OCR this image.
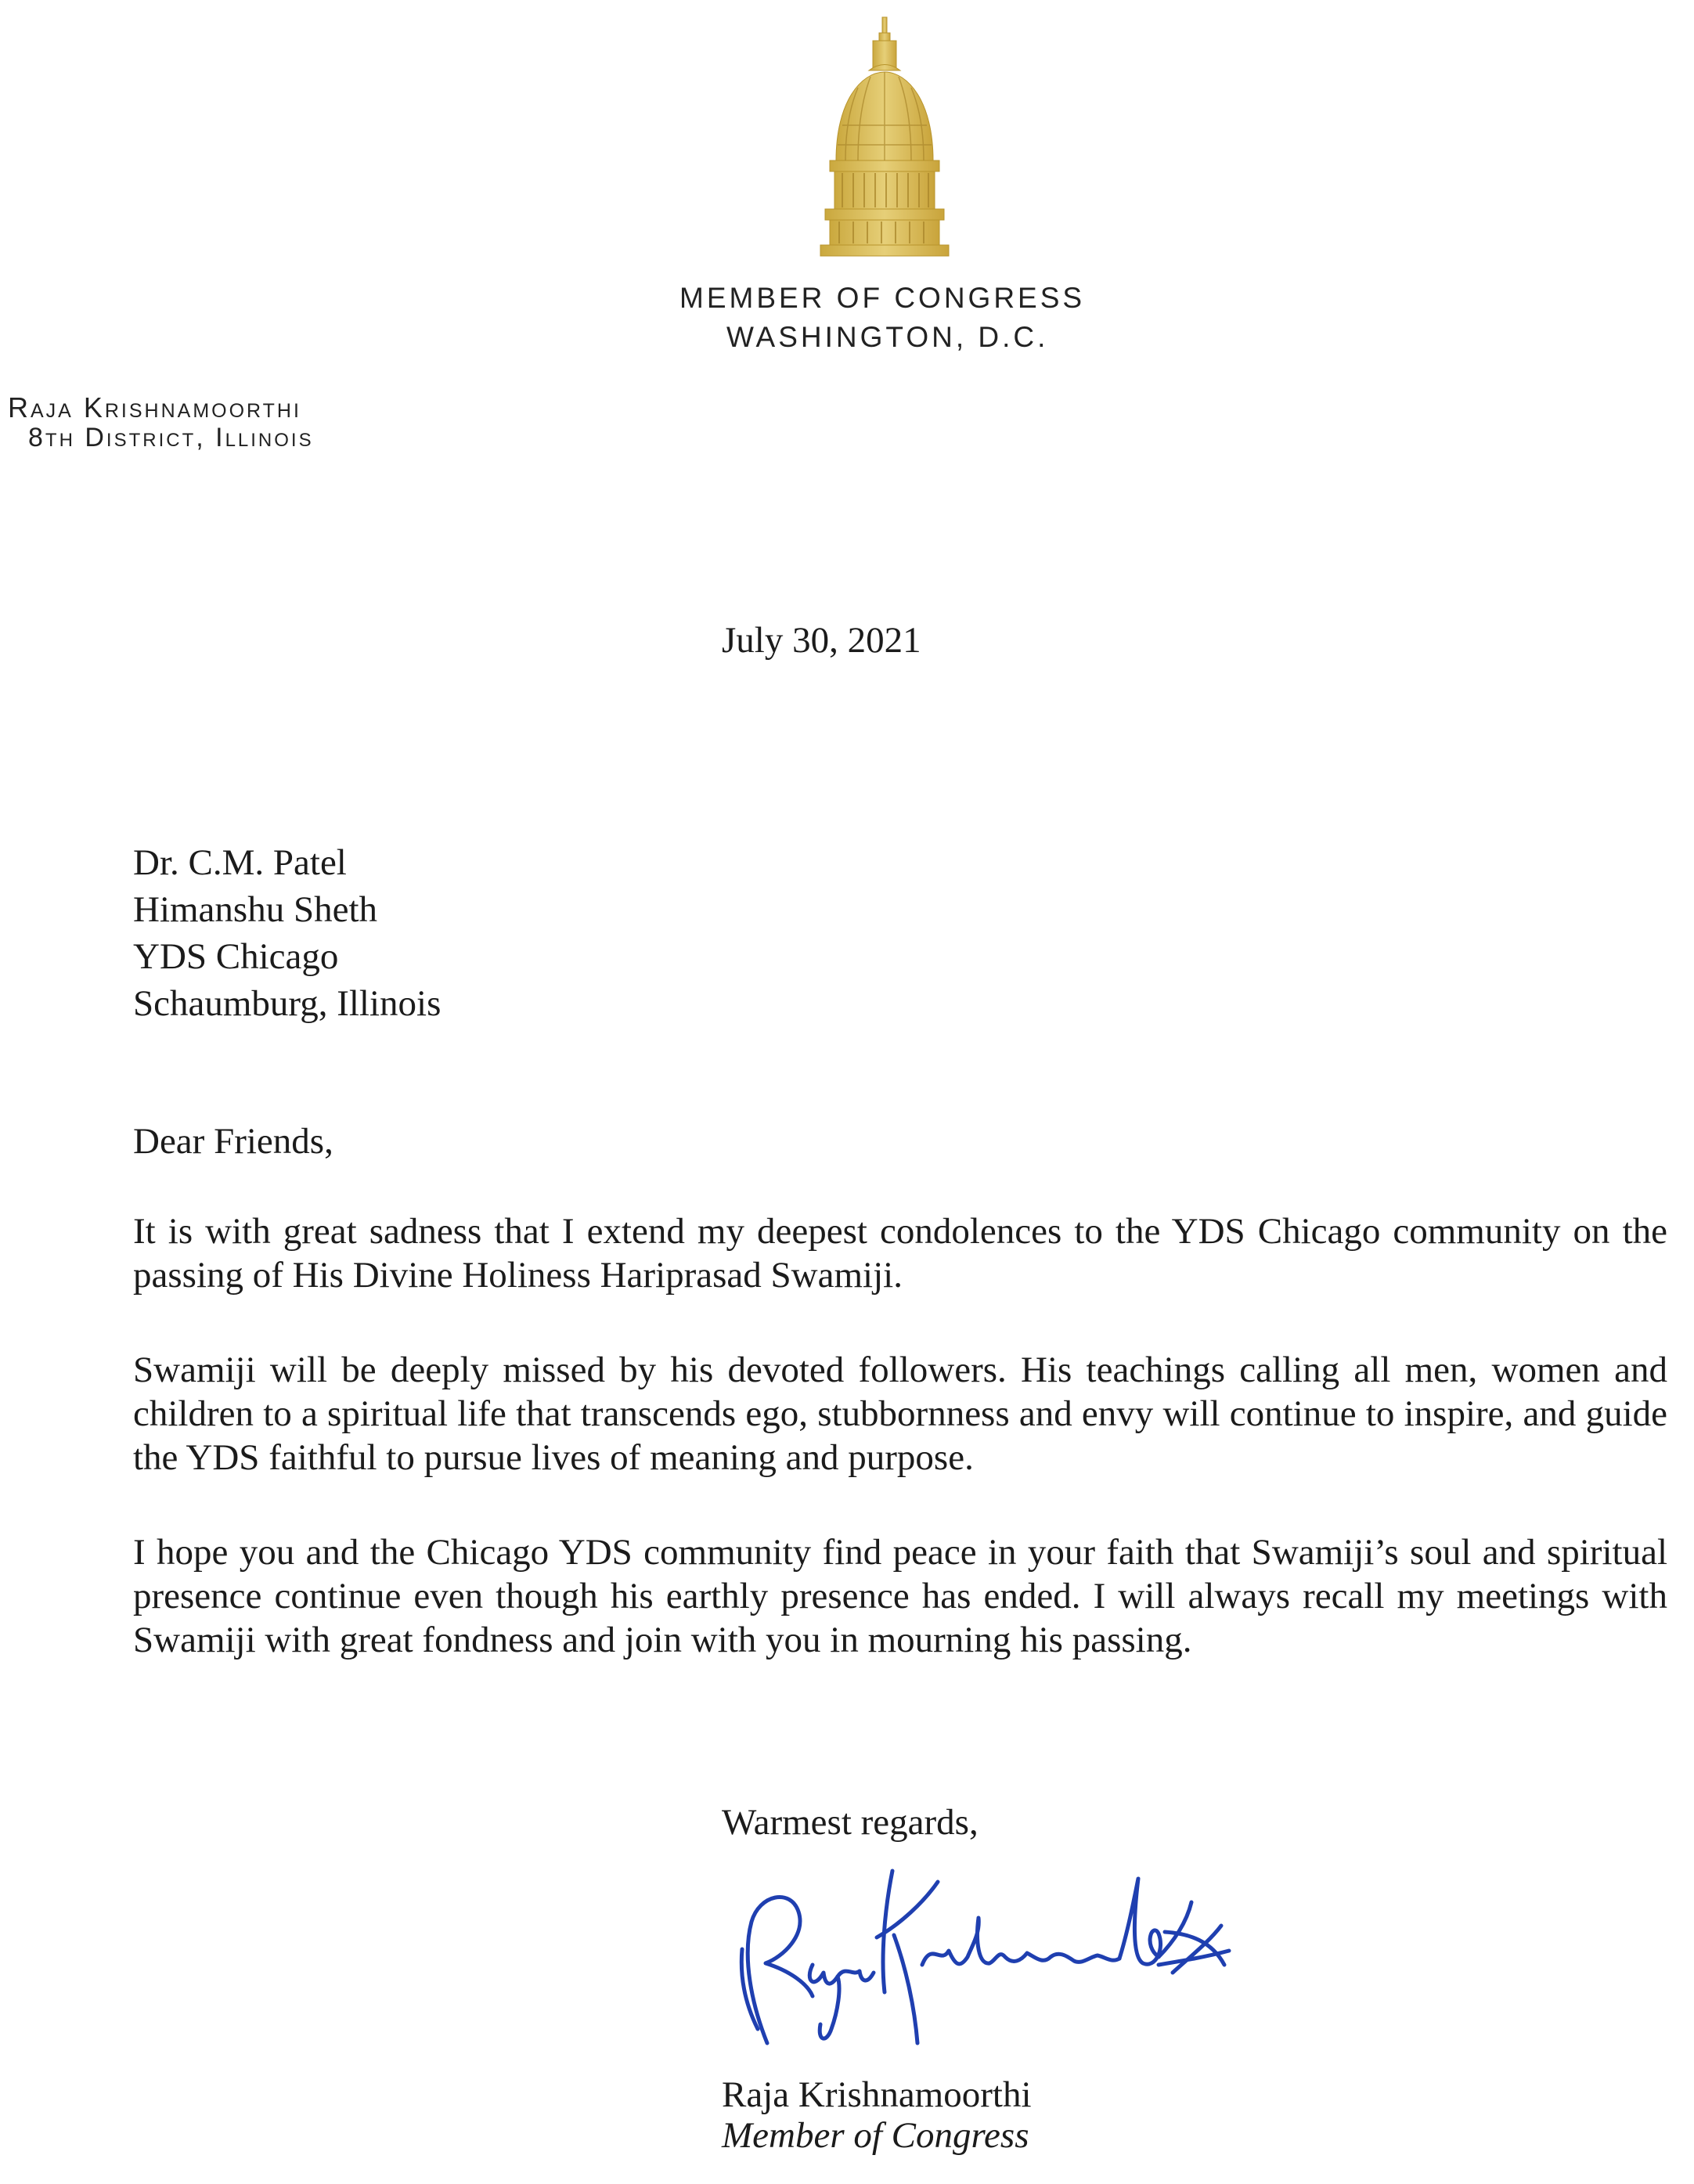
MEMBER OF CONGRESS
WASHINGTON, D.C.
Raja Krishnamoorthi
8th District, Illinois
July 30, 2021
Dr. C.M. Patel
Himanshu Sheth
YDS Chicago
Schaumburg, Illinois
Dear Friends,
It is with great sadness that I extend my deepest condolences to the YDS Chicago community on the passing of His Divine Holiness Hariprasad Swamiji.
Swamiji will be deeply missed by his devoted followers. His teachings calling all men, women and children to a spiritual life that transcends ego, stubbornness and envy will continue to inspire, and guide the YDS faithful to pursue lives of meaning and purpose.
I hope you and the Chicago YDS community find peace in your faith that Swamiji’s soul and spiritual presence continue even though his earthly presence has ended. I will always recall my meetings with Swamiji with great fondness and join with you in mourning his passing.
Warmest regards,
Raja Krishnamoorthi
Member of Congress
